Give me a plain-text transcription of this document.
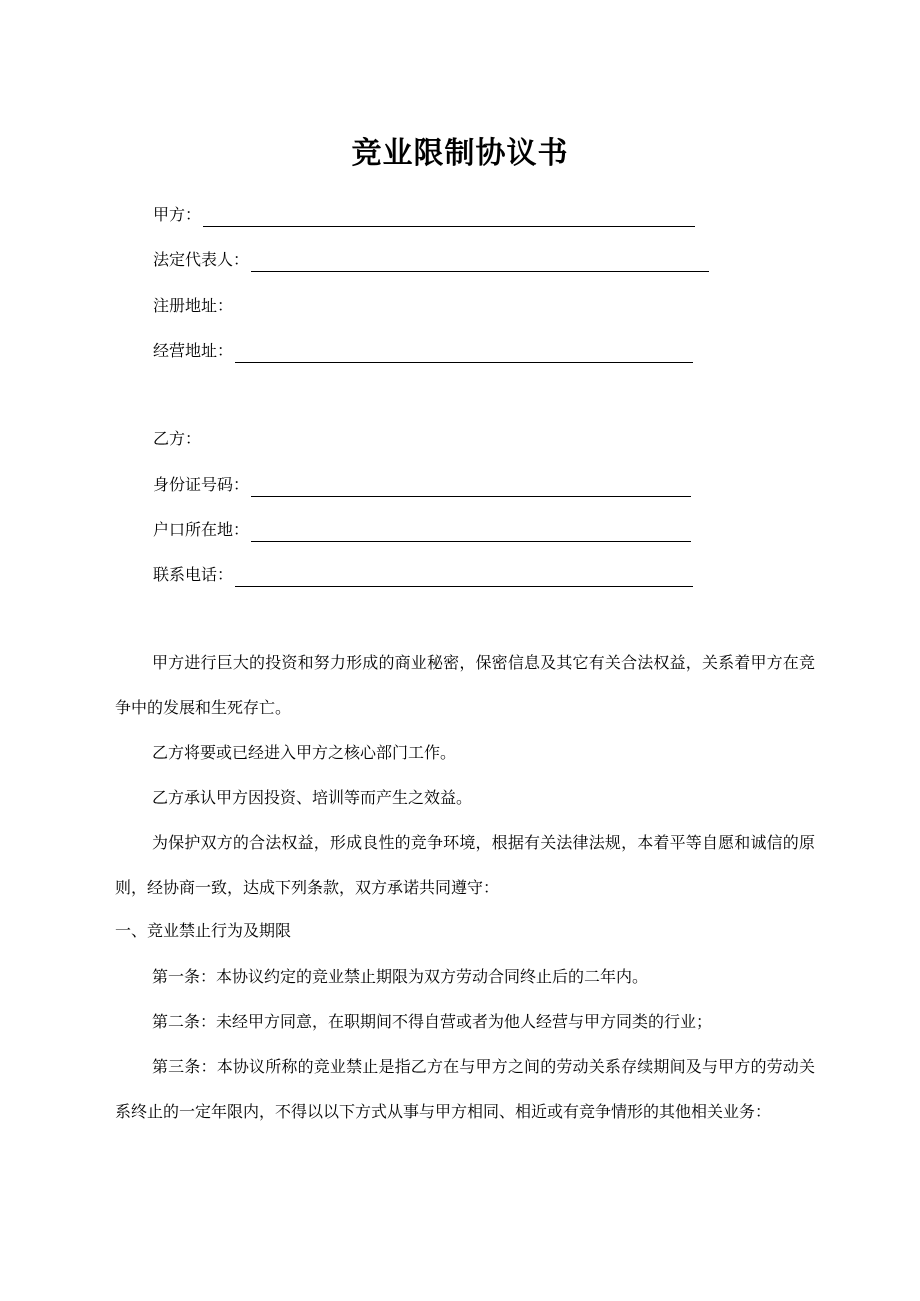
竞业限制协议书
甲方：
法定代表人：
注册地址：
经营地址：
乙方：
身份证号码：
户口所在地：
联系电话：

甲方进行巨大的投资和努力形成的商业秘密，保密信息及其它有关合法权益，关系着甲方在竞争中的发展和生死存亡。

乙方将要或已经进入甲方之核心部门工作。

乙方承认甲方因投资、培训等而产生之效益。

为保护双方的合法权益，形成良性的竞争环境，根据有关法律法规，本着平等自愿和诚信的原则，经协商一致，达成下列条款，双方承诺共同遵守：

一、竞业禁止行为及期限

第一条：本协议约定的竞业禁止期限为双方劳动合同终止后的二年内。

第二条：未经甲方同意，在职期间不得自营或者为他人经营与甲方同类的行业；

第三条：本协议所称的竞业禁止是指乙方在与甲方之间的劳动关系存续期间及与甲方的劳动关系终止的一定年限内，不得以以下方式从事与甲方相同、相近或有竞争情形的其他相关业务：
